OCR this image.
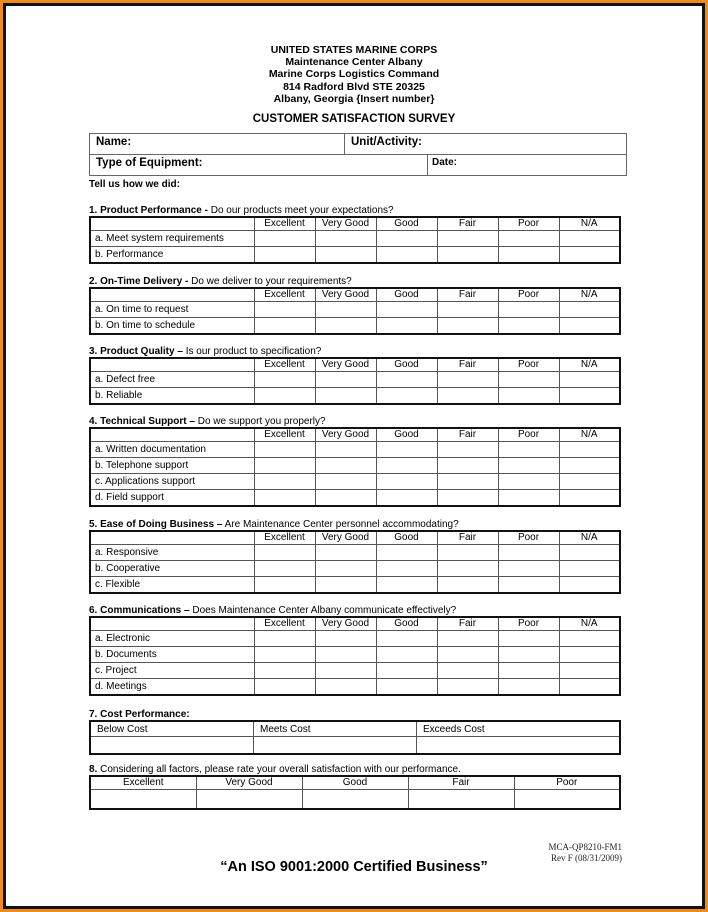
UNITED STATES MARINE CORPS
Maintenance Center Albany
Marine Corps Logistics Command
814 Radford Blvd STE 20325
Albany, Georgia {Insert number}
CUSTOMER SATISFACTION SURVEY
Name:	Unit/Activity:	
Type of Equipment:		Date:
Tell us how we did:
1. Product Performance - Do our products meet your expectations?
	Excellent	Very Good	Good	Fair	Poor	N/A
a. Meet system requirements						
b. Performance						
2. On-Time Delivery - Do we deliver to your requirements?
	Excellent	Very Good	Good	Fair	Poor	N/A
a. On time to request						
b. On time to schedule						
3. Product Quality – Is our product to specification?
	Excellent	Very Good	Good	Fair	Poor	N/A
a. Defect free						
b. Reliable						
4. Technical Support – Do we support you properly?
	Excellent	Very Good	Good	Fair	Poor	N/A
a. Written documentation						
b. Telephone support						
c. Applications support						
d. Field support						
5. Ease of Doing Business – Are Maintenance Center personnel accommodating?
	Excellent	Very Good	Good	Fair	Poor	N/A
a. Responsive						
b. Cooperative						
c. Flexible						
6. Communications – Does Maintenance Center Albany communicate effectively?
	Excellent	Very Good	Good	Fair	Poor	N/A
a. Electronic						
b. Documents						
c. Project						
d. Meetings						
7. Cost Performance:
Below Cost	Meets Cost	Exceeds Cost

8. Considering all factors, please rate your overall satisfaction with our performance.
Excellent	Very Good	Good	Fair	Poor

MCA-QP8210-FM1
Rev F (08/31/2009)
“An ISO 9001:2000 Certified Business”
